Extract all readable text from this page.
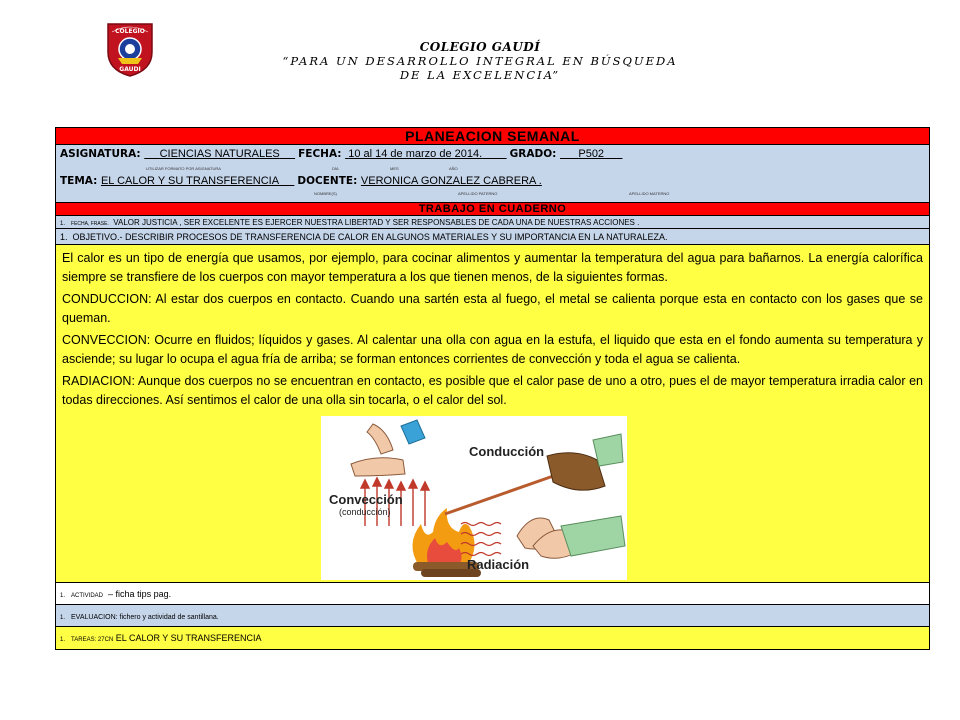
COLEGIO
GAUDI
COLEGIO GAUDÍ
“PARA UN DESARROLLO INTEGRAL EN BÚSQUEDA
DE LA EXCELENCIA”
PLANEACION SEMANAL
ASIGNATURA:      CIENCIAS NATURALES FECHA:  10 al 14 de marzo de 2014.	GRADO:       P502
UTILIZAR FORMATO POR ASIGNATURA	DÍA	MES	AÑO
TEMA: EL CALOR Y SU TRANSFERENCIA DOCENTE: VERONICA GONZALEZ CABRERA .
NOMBRE(S)	APELLIDO PATERNO	APELLIDO MATERNO
TRABAJO EN CUADERNO
1. FECHA, FRASE. VALOR JUSTICIA , SER EXCELENTE ES EJERCER NUESTRA LIBERTAD Y SER RESPONSABLES DE CADA UNA DE NUESTRAS ACCIONES .
1. OBJETIVO.- DESCRIBIR PROCESOS DE TRANSFERENCIA DE CALOR EN ALGUNOS MATERIALES Y SU IMPORTANCIA EN LA NATURALEZA.

El calor es un tipo de energía que usamos, por ejemplo, para cocinar alimentos y aumentar la temperatura del agua para bañarnos. La energía calorífica siempre se transfiere de los cuerpos con mayor temperatura a los que tienen menos, de la siguientes formas.

CONDUCCION: Al estar dos cuerpos en contacto. Cuando una sartén esta al fuego, el metal se calienta porque esta en contacto con los gases que se queman.

CONVECCION: Ocurre en fluidos; líquidos y gases. Al calentar una olla con agua en la estufa, el liquido que esta en el fondo aumenta su temperatura y asciende; su lugar lo ocupa el agua fría de arriba; se forman entonces corrientes de convección y toda el agua se calienta.

RADIACION: Aunque dos cuerpos no se encuentran en contacto, es posible que el calor pase de uno a otro, pues el de mayor temperatura irradia calor en todas direcciones. Así sentimos el calor de una olla sin tocarla, o el calor del sol.

Conducción
Convección
(conducción)
Radiación
1. ACTIVIDAD – ficha tips pag.
1. EVALUACION: fichero y actividad de santillana.
1. TAREAS: 27CN EL CALOR Y SU TRANSFERENCIA
